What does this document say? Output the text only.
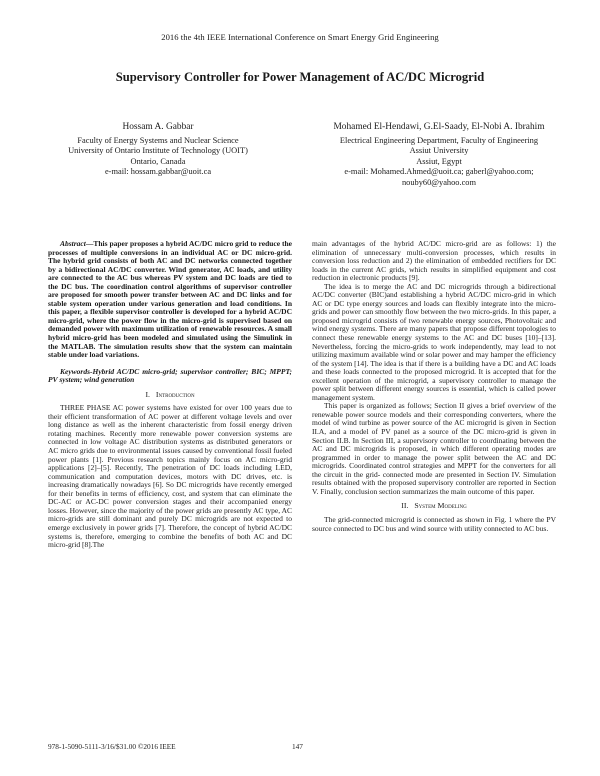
2016 the 4th IEEE International Conference on Smart Energy Grid Engineering
Supervisory Controller for Power Management of AC/DC Microgrid
Hossam A. Gabbar
Faculty of Energy Systems and Nuclear Science
University of Ontario Institute of Technology (UOIT)
Ontario, Canada
e-mail: hossam.gabbar@uoit.ca
Mohamed El-Hendawi, G.El-Saady, El-Nobi A. Ibrahim
Electrical Engineering Department, Faculty of Engineering
Assiut University
Assiut, Egypt
e-mail: Mohamed.Ahmed@uoit.ca; gaberl@yahoo.com; nouby60@yahoo.com

Abstract—This paper proposes a hybrid AC/DC micro grid to reduce the processes of multiple conversions in an individual AC or DC micro-grid. The hybrid grid consists of both AC and DC networks connected together by a bidirectional AC/DC converter. Wind generator, AC loads, and utility are connected to the AC bus whereas PV system and DC loads are tied to the DC bus. The coordination control algorithms of supervisor controller are proposed for smooth power transfer between AC and DC links and for stable system operation under various generation and load conditions. In this paper, a flexible supervisor controller is developed for a hybrid AC/DC micro-grid, where the power flow in the micro-grid is supervised based on demanded power with maximum utilization of renewable resources. A small hybrid micro-grid has been modeled and simulated using the Simulink in the MATLAB. The simulation results show that the system can maintain stable under load variations.

Keywords-Hybrid AC/DC micro-grid; supervisor controller; BIC; MPPT; PV system; wind generation

I. Introduction

THREE PHASE AC power systems have existed for over 100 years due to their efficient transformation of AC power at different voltage levels and over long distance as well as the inherent characteristic from fossil energy driven rotating machines. Recently more renewable power conversion systems are connected in low voltage AC distribution systems as distributed generators or AC micro grids due to environmental issues caused by conventional fossil fueled power plants [1]. Previous research topics mainly focus on AC micro-grid applications [2]–[5]. Recently, The penetration of DC loads including LED, communication and computation devices, motors with DC drives, etc. is increasing dramatically nowadays [6]. So DC microgrids have recently emerged for their benefits in terms of efficiency, cost, and system that can eliminate the DC-AC or AC-DC power conversion stages and their accompanied energy losses. However, since the majority of the power grids are presently AC type, AC micro-grids are still dominant and purely DC microgrids are not expected to emerge exclusively in power grids [7]. Therefore, the concept of hybrid AC/DC systems is, therefore, emerging to combine the benefits of both AC and DC micro-grid [8].The

main advantages of the hybrid AC/DC micro-grid are as follows: 1) the elimination of unnecessary multi-conversion processes, which results in conversion loss reduction and 2) the elimination of embedded rectifiers for DC loads in the current AC grids, which results in simplified equipment and cost reduction in electronic products [9].

The idea is to merge the AC and DC microgrids through a bidirectional AC/DC converter (BIC)and establishing a hybrid AC/DC micro-grid in which AC or DC type energy sources and loads can flexibly integrate into the micro-grids and power can smoothly flow between the two micro-grids. In this paper, a proposed microgrid consists of two renewable energy sources, Photovoltaic and wind energy systems. There are many papers that propose different topologies to connect these renewable energy systems to the AC and DC buses [10]–[13]. Nevertheless, forcing the micro-grids to work independently, may lead to not utilizing maximum available wind or solar power and may hamper the efficiency of the system [14]. The idea is that if there is a building have a DC and AC loads and these loads connected to the proposed microgrid. It is accepted that for the excellent operation of the microgrid, a supervisory controller to manage the power split between different energy sources is essential, which is called power management system.

This paper is organized as follows; Section II gives a brief overview of the renewable power source models and their corresponding converters, where the model of wind turbine as power source of the AC microgrid is given in Section II.A, and a model of PV panel as a source of the DC micro-grid is given in Section II.B. In Section III, a supervisory controller to coordinating between the AC and DC microgrids is proposed, in which different operating modes are programmed in order to manage the power split between the AC and DC microgrids. Coordinated control strategies and MPPT for the converters for all the circuit in the grid- connected mode are presented in Section IV. Simulation results obtained with the proposed supervisory controller are reported in Section V. Finally, conclusion section summarizes the main outcome of this paper.

II. System Modeling

The grid-connected microgrid is connected as shown in Fig. 1 where the PV source connected to DC bus and wind source with utility connected to AC bus.

978-1-5090-5111-3/16/$31.00 ©2016 IEEE	147
